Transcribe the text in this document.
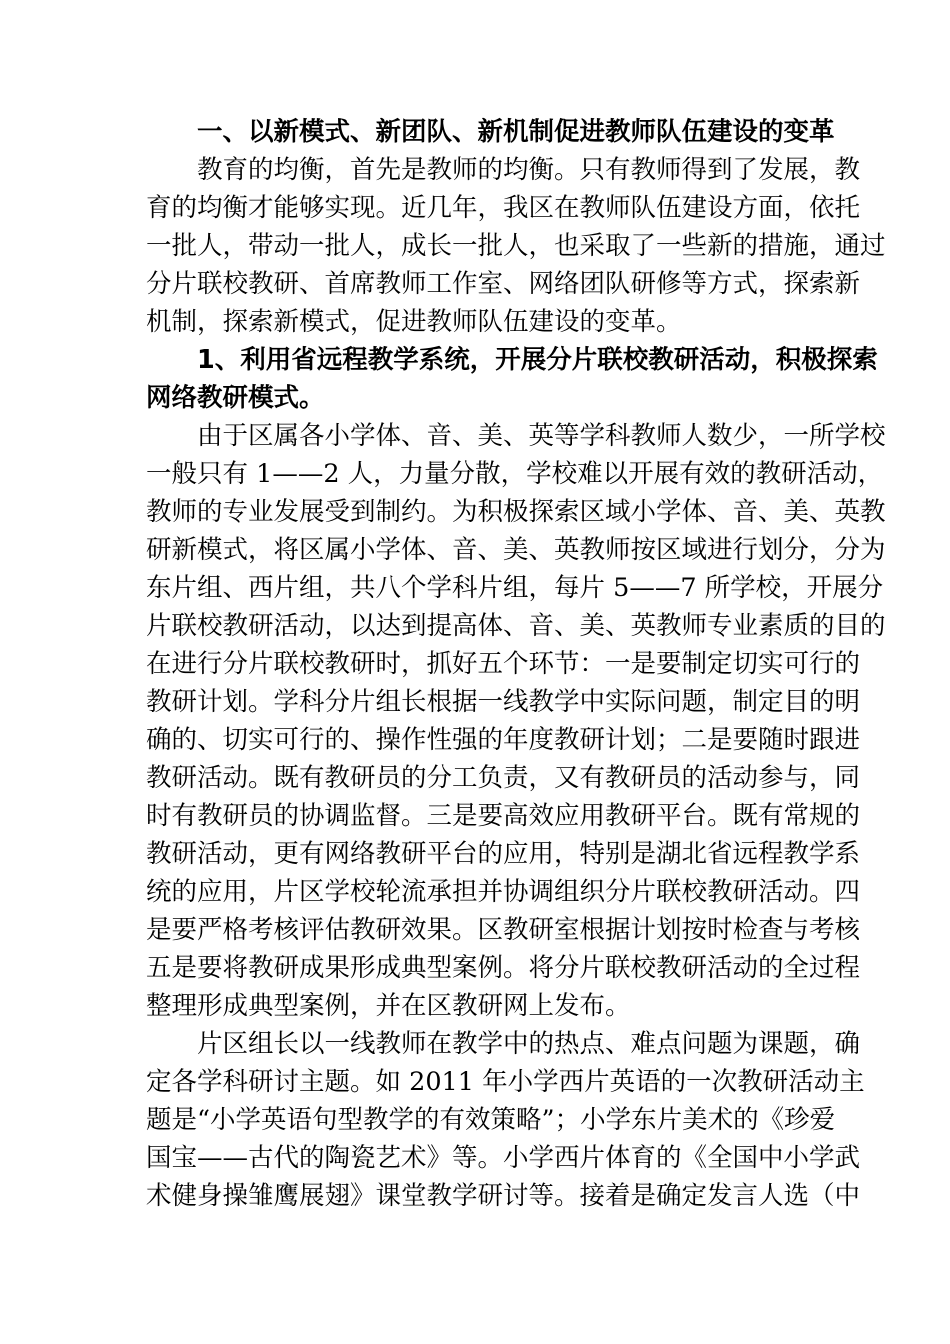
一、以新模式、新团队、新机制促进教师队伍建设的变革
教育的均衡，首先是教师的均衡。只有教师得到了发展，教
育的均衡才能够实现。近几年，我区在教师队伍建设方面，依托
一批人，带动一批人，成长一批人，也采取了一些新的措施，通过
分片联校教研、首席教师工作室、网络团队研修等方式，探索新
机制，探索新模式，促进教师队伍建设的变革。
1、利用省远程教学系统，开展分片联校教研活动，积极探索
网络教研模式。
由于区属各小学体、音、美、英等学科教师人数少，一所学校
一般只有 1——2 人，力量分散，学校难以开展有效的教研活动，
教师的专业发展受到制约。为积极探索区域小学体、音、美、英教
研新模式，将区属小学体、音、美、英教师按区域进行划分，分为
东片组、西片组，共八个学科片组，每片 5——7 所学校，开展分
片联校教研活动，以达到提高体、音、美、英教师专业素质的目的
在进行分片联校教研时，抓好五个环节：一是要制定切实可行的
教研计划。学科分片组长根据一线教学中实际问题，制定目的明
确的、切实可行的、操作性强的年度教研计划；二是要随时跟进
教研活动。既有教研员的分工负责，又有教研员的活动参与，同
时有教研员的协调监督。三是要高效应用教研平台。既有常规的
教研活动，更有网络教研平台的应用，特别是湖北省远程教学系
统的应用，片区学校轮流承担并协调组织分片联校教研活动。四
是要严格考核评估教研效果。区教研室根据计划按时检查与考核
五是要将教研成果形成典型案例。将分片联校教研活动的全过程
整理形成典型案例，并在区教研网上发布。
片区组长以一线教师在教学中的热点、难点问题为课题，确
定各学科研讨主题。如 2011 年小学西片英语的一次教研活动主
题是“小学英语句型教学的有效策略”；小学东片美术的《珍爱
国宝——古代的陶瓷艺术》等。小学西片体育的《全国中小学武
术健身操雏鹰展翅》课堂教学研讨等。接着是确定发言人选（中
